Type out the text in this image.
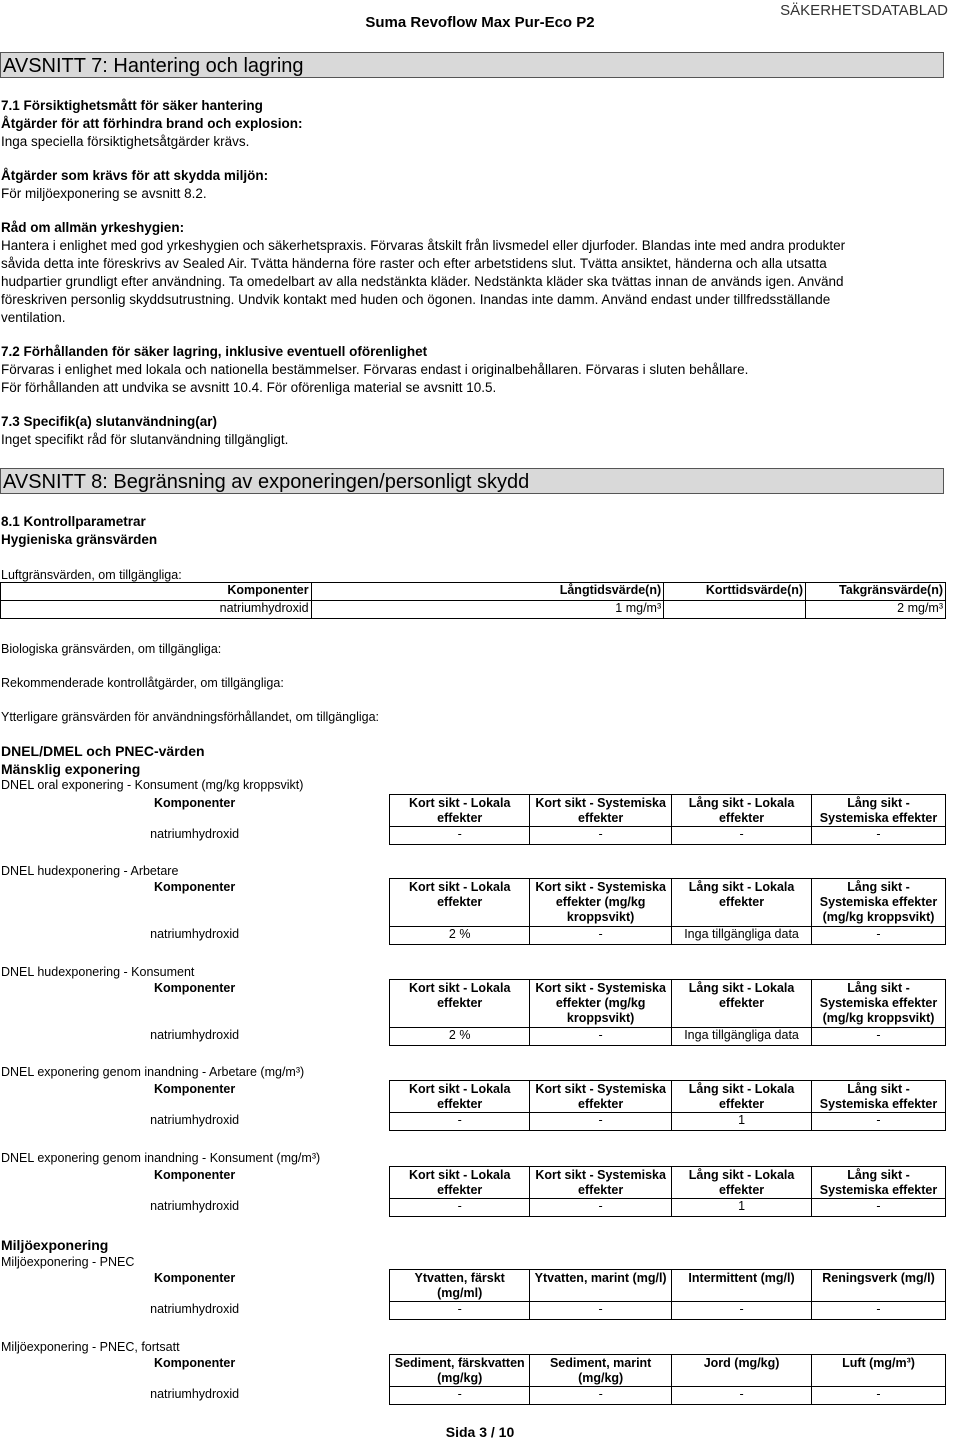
Suma Revoflow Max Pur-Eco P2
SÄKERHETSDATABLAD
AVSNITT 7: Hantering och lagring
7.1 Försiktighetsmått för säker hantering
Åtgärder för att förhindra brand och explosion:
Inga speciella försiktighetsåtgärder krävs.
Åtgärder som krävs för att skydda miljön:
För miljöexponering se avsnitt 8.2.
Råd om allmän yrkeshygien:
Hantera i enlighet med god yrkeshygien och säkerhetspraxis. Förvaras åtskilt från livsmedel eller djurfoder. Blandas inte med andra produkter
såvida detta inte föreskrivs av Sealed Air. Tvätta händerna före raster och efter arbetstidens slut. Tvätta ansiktet, händerna och alla utsatta
hudpartier grundligt efter användning. Ta omedelbart av alla nedstänkta kläder. Nedstänkta kläder ska tvättas innan de används igen. Använd
föreskriven personlig skyddsutrustning. Undvik kontakt med huden och ögonen. Inandas inte damm. Använd endast under tillfredsställande
ventilation.
7.2 Förhållanden för säker lagring, inklusive eventuell oförenlighet
Förvaras i enlighet med lokala och nationella bestämmelser. Förvaras endast i originalbehållaren. Förvaras i sluten behållare.
För förhållanden att undvika se avsnitt 10.4. För oförenliga material se avsnitt 10.5.
7.3 Specifik(a) slutanvändning(ar)
Inget specifikt råd för slutanvändning tillgängligt.
AVSNITT 8: Begränsning av exponeringen/personligt skydd
8.1 Kontrollparametrar
Hygieniska gränsvärden
Luftgränsvärden, om tillgängliga:
Komponenter	Långtidsvärde(n)	Korttidsvärde(n)	Takgränsvärde(n)
natriumhydroxid	1 mg/m³		2 mg/m³
Biologiska gränsvärden, om tillgängliga:
Rekommenderade kontrollåtgärder, om tillgängliga:
Ytterligare gränsvärden för användningsförhållandet, om tillgängliga:
DNEL/DMEL och PNEC-värden
Mänsklig exponering
DNEL oral exponering - Konsument (mg/kg kroppsvikt)
Komponenter	Kort sikt - Lokala effekter	Kort sikt - Systemiska effekter	Lång sikt - Lokala effekter	Lång sikt - Systemiska effekter
natriumhydroxid	-	-	-	-
DNEL hudexponering - Arbetare
Komponenter	Kort sikt - Lokala effekter	Kort sikt - Systemiska effekter (mg/kg kroppsvikt)	Lång sikt - Lokala effekter	Lång sikt - Systemiska effekter (mg/kg kroppsvikt)
natriumhydroxid	2 %	-	Inga tillgängliga data	-
DNEL hudexponering - Konsument
Komponenter	Kort sikt - Lokala effekter	Kort sikt - Systemiska effekter (mg/kg kroppsvikt)	Lång sikt - Lokala effekter	Lång sikt - Systemiska effekter (mg/kg kroppsvikt)
natriumhydroxid	2 %	-	Inga tillgängliga data	-
DNEL exponering genom inandning - Arbetare (mg/m³)
Komponenter	Kort sikt - Lokala effekter	Kort sikt - Systemiska effekter	Lång sikt - Lokala effekter	Lång sikt - Systemiska effekter
natriumhydroxid	-	-	1	-
DNEL exponering genom inandning - Konsument (mg/m³)
Komponenter	Kort sikt - Lokala effekter	Kort sikt - Systemiska effekter	Lång sikt - Lokala effekter	Lång sikt - Systemiska effekter
natriumhydroxid	-	-	1	-
Miljöexponering
Miljöexponering - PNEC
Komponenter	Ytvatten, färskt (mg/ml)	Ytvatten, marint (mg/l)	Intermittent (mg/l)	Reningsverk (mg/l)
natriumhydroxid	-	-	-	-
Miljöexponering - PNEC, fortsatt
Komponenter	Sediment, färskvatten (mg/kg)	Sediment, marint (mg/kg)	Jord (mg/kg)	Luft (mg/m³)
natriumhydroxid	-	-	-	-
Sida 3 / 10
